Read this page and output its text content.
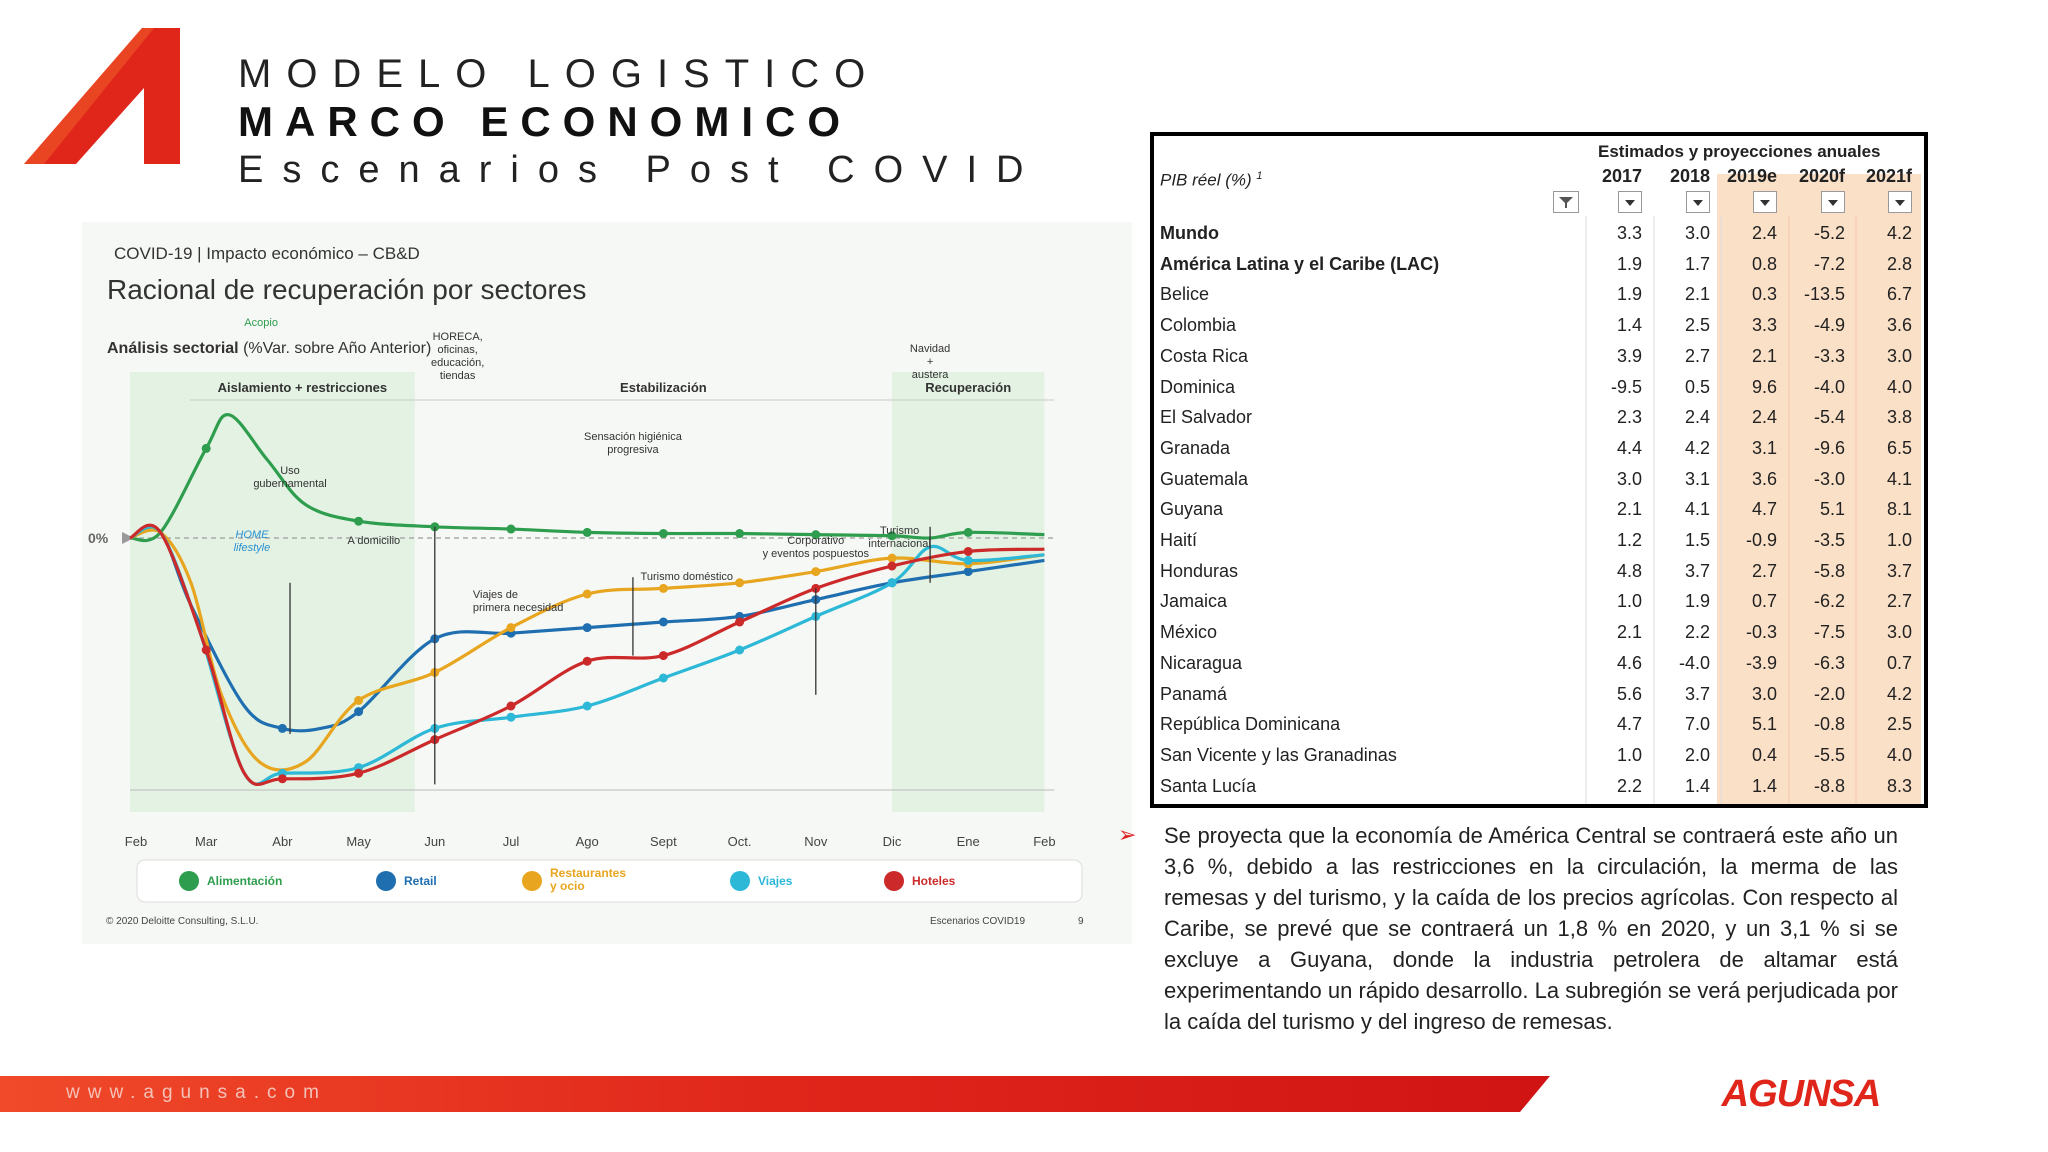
MODELO LOGISTICO
MARCO ECONOMICO
Escenarios Post COVID
Aislamiento + restricciones	Estabilización	Recuperación
0%
Acopio
HORECA, oficinas, educación, tiendas
Navidad + austera
Sensación higiénica progresiva
Uso gubernamental
HOME lifestyle
A domicilio
Turismo doméstico
Viajes de primera necesidad
Corporativo y eventos pospuestos
Turismo internacional
Feb	Mar	Abr	May	Jun	Jul	Ago	Sept	Oct.	Nov	Dic	Ene	Feb
Alimentación	Retail
Restaurantes y ocio	Viajes	Hoteles
COVID-19 | Impacto económico – CB&D
Racional de recuperación por sectores
Análisis sectorial (%Var. sobre Año Anterior)
© 2020 Deloitte Consulting, S.L.U.	Escenarios COVID19	9
Estimados y proyecciones anuales
PIB réel (%) $^1$	2017	2018 2019e	2020f	2021f
Mundo	3.3	3.0	2.4	-5.2	4.2
América Latina y el Caribe (LAC)	1.9	1.7	0.8	-7.2	2.8
Belice	1.9	2.1	0.3	-13.5	6.7
Colombia	1.4	2.5	3.3	-4.9	3.6
Costa Rica	3.9	2.7	2.1	-3.3	3.0
Dominica	-9.5	0.5	9.6	-4.0	4.0
El Salvador	2.3	2.4	2.4	-5.4	3.8
Granada	4.4	4.2	3.1	-9.6	6.5
Guatemala	3.0	3.1	3.6	-3.0	4.1
Guyana	2.1	4.1	4.7	5.1	8.1
Haití	1.2	1.5	-0.9	-3.5	1.0
Honduras	4.8	3.7	2.7	-5.8	3.7
Jamaica	1.0	1.9	0.7	-6.2	2.7
México	2.1	2.2	-0.3	-7.5	3.0
Nicaragua	4.6	-4.0	-3.9	-6.3	0.7
Panamá	5.6	3.7	3.0	-2.0	4.2
República Dominicana	4.7	7.0	5.1	-0.8	2.5
San Vicente y las Granadinas	1.0	2.0	0.4	-5.5	4.0
Santa Lucía	2.2	1.4	1.4	-8.8	8.3
➢ Se proyecta que la economía de América Central se contraerá este año un 3,6 %, debido a las restricciones en la circulación, la merma de las remesas y del turismo, y la caída de los precios agrícolas. Con respecto al Caribe, se prevé que se contraerá un 1,8 % en 2020, y un 3,1 % si se excluye a Guyana, donde la industria petrolera de altamar está experimentando un rápido desarrollo. La subregión se verá perjudicada por la caída del turismo y del ingreso de remesas.
www.agunsa.com	AGUNSA
